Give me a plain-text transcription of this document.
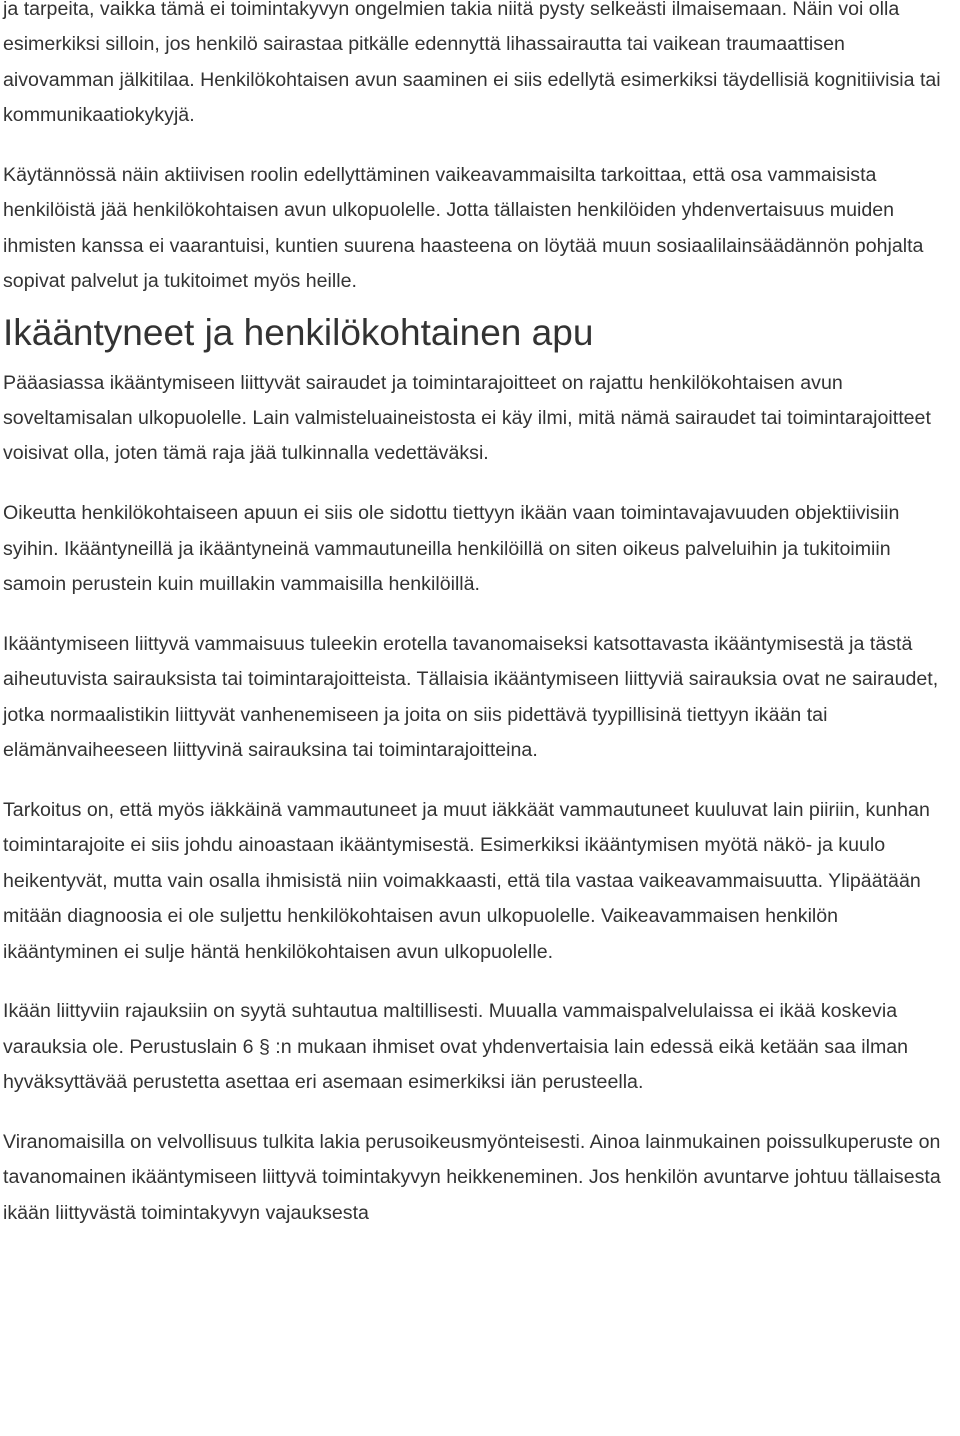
ja tarpeita, vaikka tämä ei toimintakyvyn ongelmien takia niitä pysty selkeästi ilmaisemaan. Näin voi olla esimerkiksi silloin, jos henkilö sairastaa pitkälle edennyttä lihassairautta tai vaikean traumaattisen aivovamman jälkitilaa. Henkilökohtaisen avun saaminen ei siis edellytä esimerkiksi täydellisiä kognitiivisia tai kommunikaatiokykyjä.

Käytännössä näin aktiivisen roolin edellyttäminen vaikeavammaisilta tarkoittaa, että osa vammaisista henkilöistä jää henkilökohtaisen avun ulkopuolelle. Jotta tällaisten henkilöiden yhdenvertaisuus muiden ihmisten kanssa ei vaarantuisi, kuntien suurena haasteena on löytää muun sosiaalilainsäädännön pohjalta sopivat palvelut ja tukitoimet myös heille.

Ikääntyneet ja henkilökohtainen apu

Pääasiassa ikääntymiseen liittyvät sairaudet ja toimintarajoitteet on rajattu henkilökohtaisen avun soveltamisalan ulkopuolelle. Lain valmisteluaineistosta ei käy ilmi, mitä nämä sairaudet tai toimintarajoitteet voisivat olla, joten tämä raja jää tulkinnalla vedettäväksi.

Oikeutta henkilökohtaiseen apuun ei siis ole sidottu tiettyyn ikään vaan toimintavajavuuden objektiivisiin syihin. Ikääntyneillä ja ikääntyneinä vammautuneilla henkilöillä on siten oikeus palveluihin ja tukitoimiin samoin perustein kuin muillakin vammaisilla henkilöillä.

Ikääntymiseen liittyvä vammaisuus tuleekin erotella tavanomaiseksi katsottavasta ikääntymisestä ja tästä aiheutuvista sairauksista tai toimintarajoitteista. Tällaisia ikääntymiseen liittyviä sairauksia ovat ne sairaudet, jotka normaalistikin liittyvät vanhenemiseen ja joita on siis pidettävä tyypillisinä tiettyyn ikään tai elämänvaiheeseen liittyvinä sairauksina tai toimintarajoitteina.

Tarkoitus on, että myös iäkkäinä vammautuneet ja muut iäkkäät vammautuneet kuuluvat lain piiriin, kunhan toimintarajoite ei siis johdu ainoastaan ikääntymisestä. Esimerkiksi ikääntymisen myötä näkö- ja kuulo heikentyvät, mutta vain osalla ihmisistä niin voimakkaasti, että tila vastaa vaikeavammaisuutta. Ylipäätään mitään diagnoosia ei ole suljettu henkilökohtaisen avun ulkopuolelle. Vaikeavammaisen henkilön ikääntyminen ei sulje häntä henkilökohtaisen avun ulkopuolelle.

Ikään liittyviin rajauksiin on syytä suhtautua maltillisesti. Muualla vammaispalvelulaissa ei ikää koskevia varauksia ole. Perustuslain 6 § :n mukaan ihmiset ovat yhdenvertaisia lain edessä eikä ketään saa ilman hyväksyttävää perustetta asettaa eri asemaan esimerkiksi iän perusteella.

Viranomaisilla on velvollisuus tulkita lakia perusoikeusmyönteisesti. Ainoa lainmukainen poissulkuperuste on tavanomainen ikääntymiseen liittyvä toimintakyvyn heikkeneminen. Jos henkilön avuntarve johtuu tällaisesta ikään liittyvästä toimintakyvyn vajauksesta
